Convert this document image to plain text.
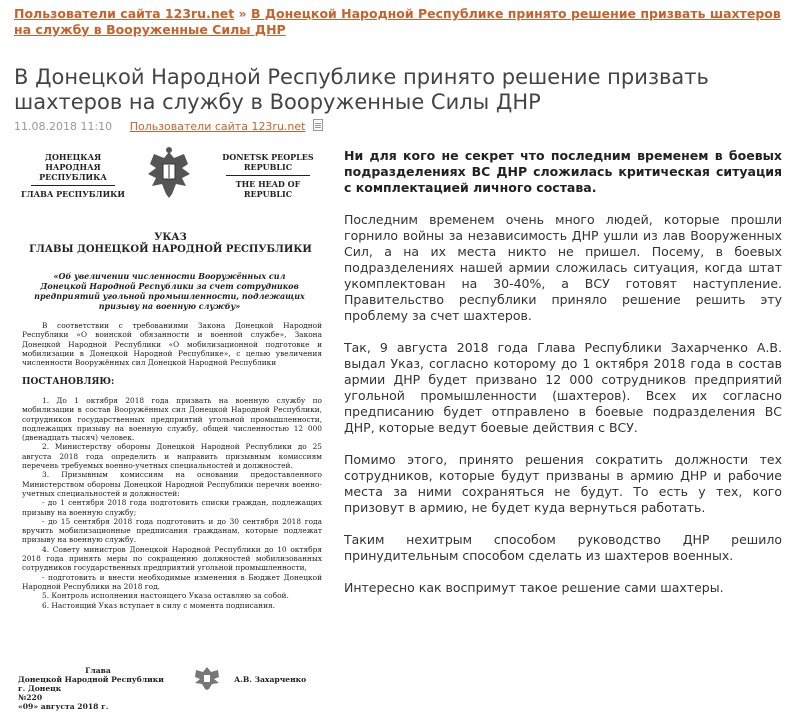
Пользователи сайта 123ru.net » В Донецкой Народной Республике принято решение призвать шахтеров на службу в Вооруженные Силы ДНР
В Донецкой Народной Республике принято решение призвать шахтеров на службу в Вооруженные Силы ДНР
11.08.2018 11:10 Пользователи сайта 123ru.net
ДОНЕЦКАЯ НАРОДНАЯ
РЕСПУБЛИКА
ГЛАВА РЕСПУБЛИКИ
DONETSK PEOPLES
REPUBLIC
THE HEAD OF REPUBLIC
УКАЗ
ГЛАВЫ ДОНЕЦКОЙ НАРОДНОЙ РЕСПУБЛИКИ
«Об увеличении численности Вооружённых сил Донецкой Народной Республики за счет сотрудников предприятий угольной промышленности, подлежащих призыву на военную службу»

В соответствии с требованиями Закона Донецкой Народной Республики «О воинской обязанности и военной службе», Закона Донецкой Народной Республики «О мобилизационной подготовке и мобилизации в Донецкой Народной Республике», с целью увеличения численности Вооружённых сил Донецкой Народной Республики

ПОСТАНОВЛЯЮ:

1. До 1 октября 2018 года призвать на военную службу по мобилизации в состав Вооружённых сил Донецкой Народной Республики, сотрудников государственных предприятий угольной промышленности, подлежащих призыву на военную службу, общей численностью 12 000 (двенадцать тысяч) человек.

2. Министерству обороны Донецкой Народной Республики до 25 августа 2018 года определить и направить призывным комиссиям перечень требуемых военно-учетных специальностей и должностей.

3. Призывным комиссиям на основании предоставленного Министерством обороны Донецкой Народной Республики перечня военно-учетных специальностей и должностей:

- до 1 сентября 2018 года подготовить списки граждан, подлежащих призыву на военную службу;

- до 15 сентября 2018 года подготовить и до 30 сентября 2018 года вручить мобилизационные предписания гражданам, которые подлежат призыву на военную службу.

4. Совету министров Донецкой Народной Республики до 10 октября 2018 года принять меры по сокращению должностей мобилизованных сотрудников государственных предприятий угольной промышленности,

- подготовить и внести необходимые изменения в Бюджет Донецкой Народной Республики на 2018 год.

5. Контроль исполнения настоящего Указа оставляю за собой.

6. Настоящий Указ вступает в силу с момента подписания.

Глава
Донецкой Народной Республики
г. Донецк
№220
«09» августа 2018 г.
А.В. Захарченко

Ни для кого не секрет что последним временем в боевых подразделениях ВС ДНР сложилась критическая ситуация с комплектацией личного состава.

Последним временем очень много людей, которые прошли горнило войны за независимость ДНР ушли из лав Вооруженных Сил, а на их места никто не пришел. Посему, в боевых подразделениях нашей армии сложилась ситуация, когда штат укомплектован на 30-40%, а ВСУ готовят наступление. Правительство республики приняло решение решить эту проблему за счет шахтеров.

Так, 9 августа 2018 года Глава Республики Захарченко А.В. выдал Указ, согласно которому до 1 октября 2018 года в состав армии ДНР будет призвано 12 000 сотрудников предприятий угольной промышленности (шахтеров). Всех их согласно предписанию будет отправлено в боевые подразделения ВС ДНР, которые ведут боевые действия с ВСУ.

Помимо этого, принято решения сократить должности тех сотрудников, которые будут призваны в армию ДНР и рабочие места за ними сохраняться не будут. То есть у тех, кого призовут в армию, не будет куда вернуться работать.

Таким нехитрым способом руководство ДНР решило принудительным способом сделать из шахтеров военных.

Интересно как воспримут такое решение сами шахтеры.
